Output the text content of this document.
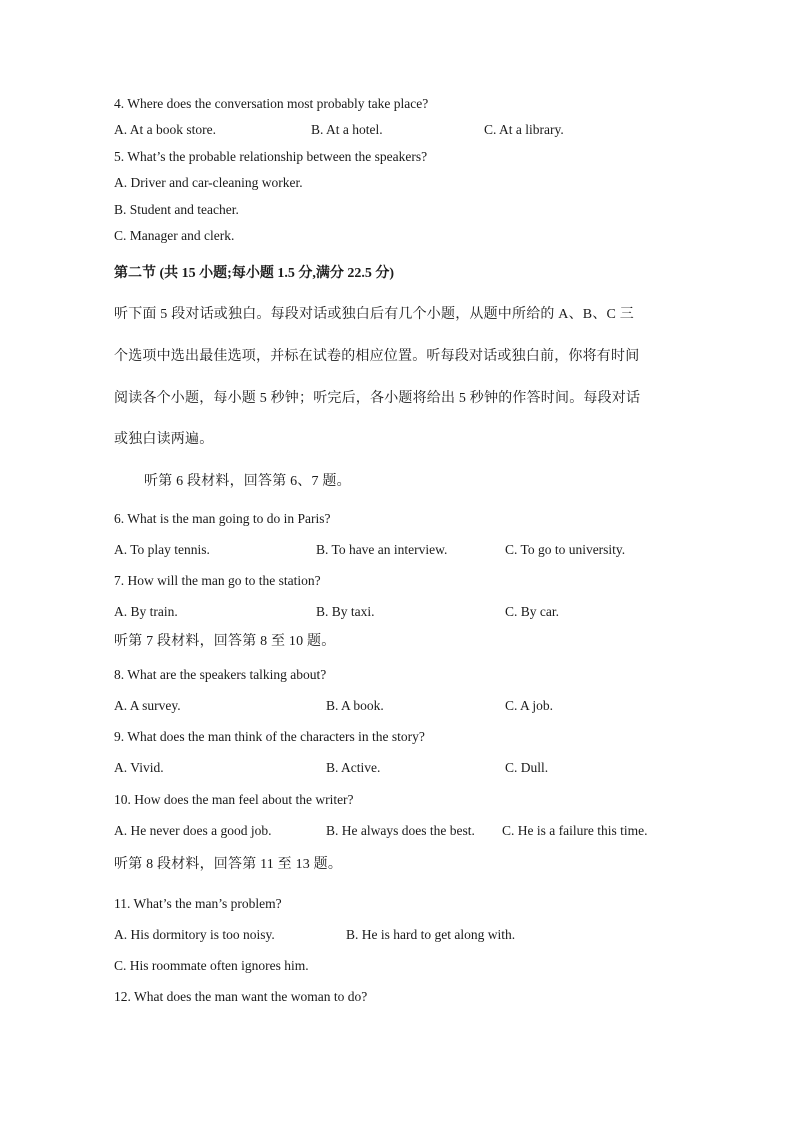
4. Where does the conversation most probably take place?
A. At a book store.	B. At a hotel.	C. At a library.
5. What’s the probable relationship between the speakers?
A. Driver and car-cleaning worker.
B. Student and teacher.
C. Manager and clerk.
第二节 (共 15 小题;每小题 1.5 分,满分 22.5 分)
听下面 5 段对话或独白。每段对话或独白后有几个小题，从题中所给的 A、B、C 三
个选项中选出最佳选项，并标在试卷的相应位置。听每段对话或独白前，你将有时间
阅读各个小题，每小题 5 秒钟；听完后，各小题将给出 5 秒钟的作答时间。每段对话
或独白读两遍。
听第 6 段材料，回答第 6、7 题。
6. What is the man going to do in Paris?
A. To play tennis.	B. To have an interview.	C. To go to university.
7. How will the man go to the station?
A. By train.	B. By taxi.	C. By car.
听第 7 段材料，回答第 8 至 10 题。
8. What are the speakers talking about?
A. A survey.	B. A book.	C. A job.
9. What does the man think of the characters in the story?
A. Vivid.	B. Active.	C. Dull.
10. How does the man feel about the writer?
A. He never does a good job.	B. He always does the best. C. He is a failure this time.
听第 8 段材料，回答第 11 至 13 题。
11. What’s the man’s problem?
A. His dormitory is too noisy.	B. He is hard to get along with.
C. His roommate often ignores him.
12. What does the man want the woman to do?
